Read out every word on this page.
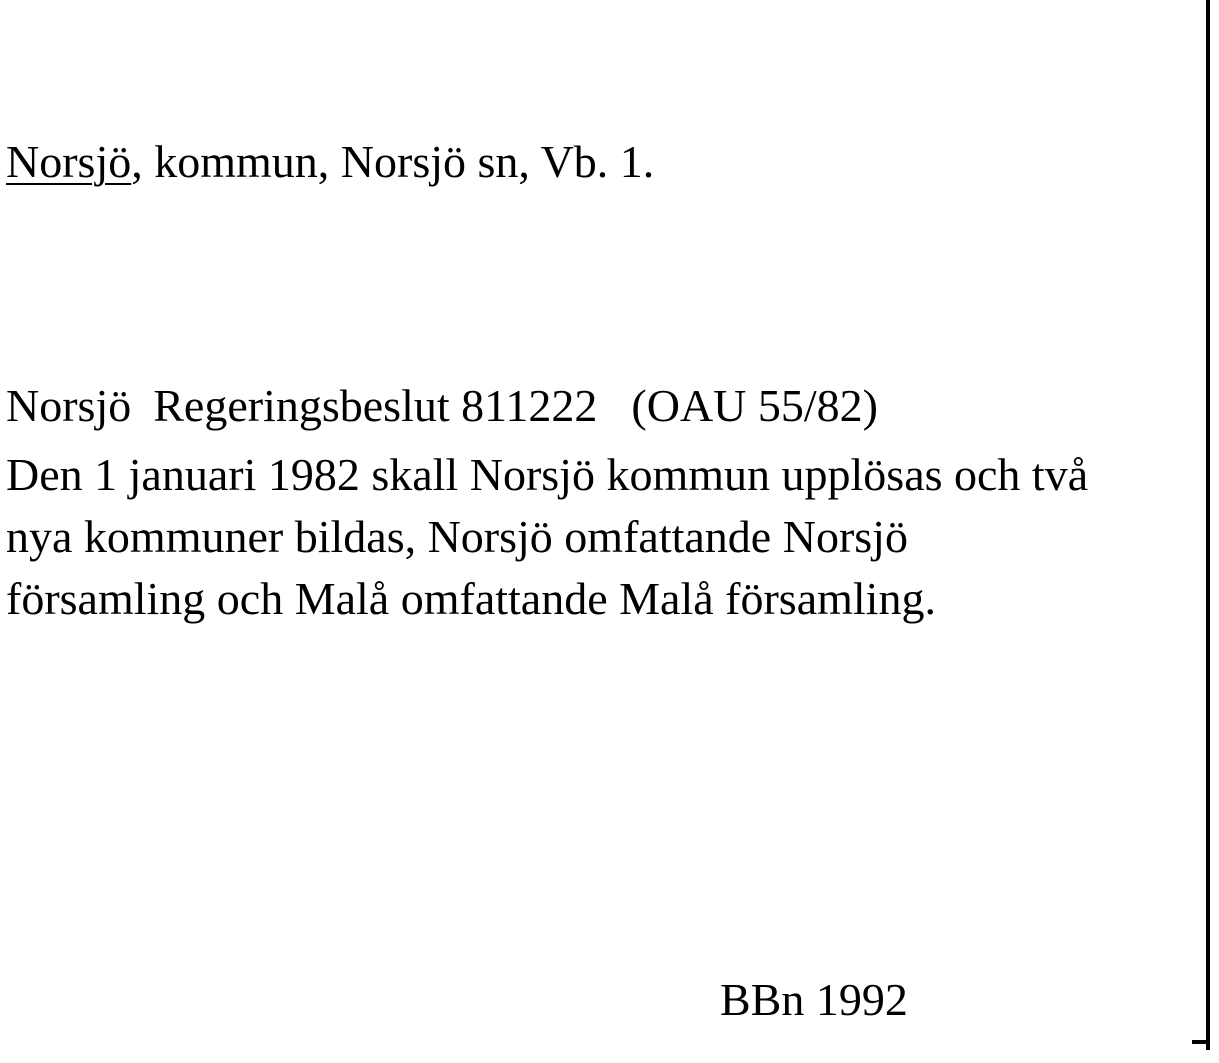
Norsjö, kommun, Norsjö sn, Vb. 1.
Norsjö Regeringsbeslut 811222 (OAU 55/82)
Den 1 januari 1982 skall Norsjö kommun upplösas och två
nya kommuner bildas, Norsjö omfattande Norsjö
församling och Malå omfattande Malå församling.
BBn 1992
